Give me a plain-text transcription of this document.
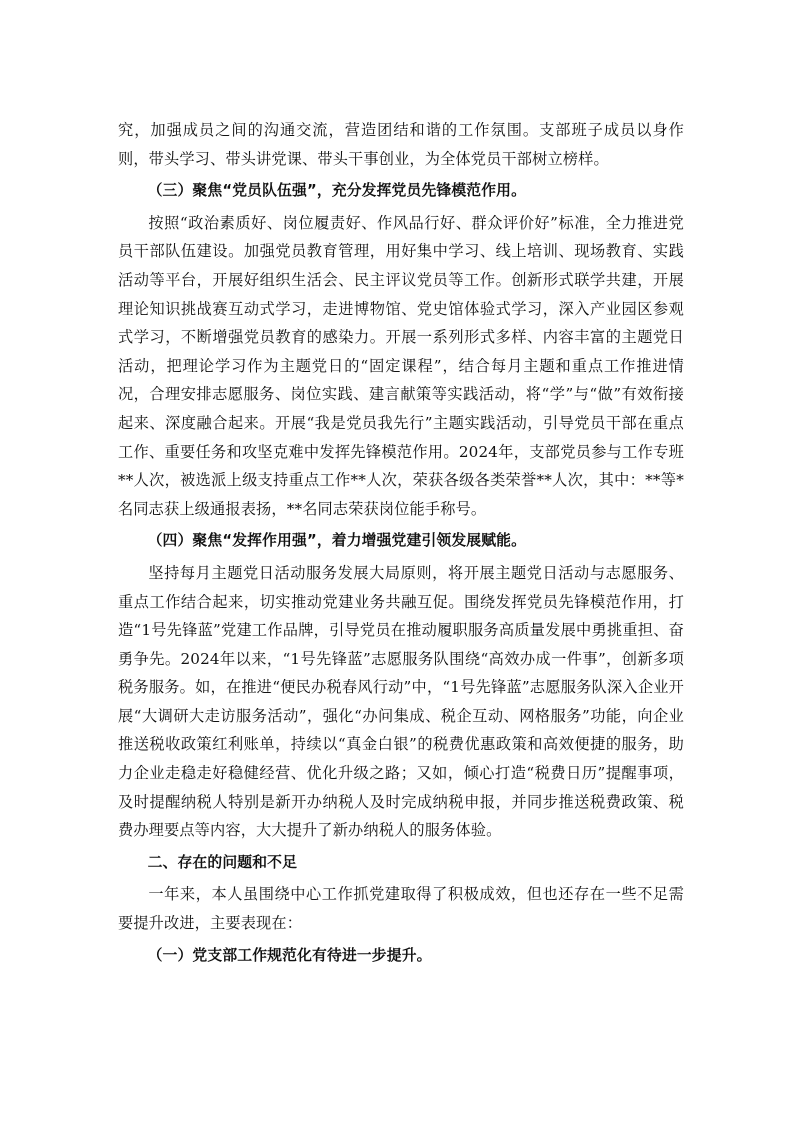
究，加强成员之间的沟通交流，营造团结和谐的工作氛围。支部班子成员以身作则，带头学习、带头讲党课、带头干事创业，为全体党员干部树立榜样。

（三）聚焦“党员队伍强”，充分发挥党员先锋模范作用。

按照“政治素质好、岗位履责好、作风品行好、群众评价好”标准，全力推进党员干部队伍建设。加强党员教育管理，用好集中学习、线上培训、现场教育、实践活动等平台，开展好组织生活会、民主评议党员等工作。创新形式联学共建，开展理论知识挑战赛互动式学习，走进博物馆、党史馆体验式学习，深入产业园区参观式学习，不断增强党员教育的感染力。开展一系列形式多样、内容丰富的主题党日活动，把理论学习作为主题党日的“固定课程”，结合每月主题和重点工作推进情况，合理安排志愿服务、岗位实践、建言献策等实践活动，将“学”与“做”有效衔接起来、深度融合起来。开展“我是党员我先行”主题实践活动，引导党员干部在重点工作、重要任务和攻坚克难中发挥先锋模范作用。2024年，支部党员参与工作专班**人次，被选派上级支持重点工作**人次，荣获各级各类荣誉**人次，其中：**等*名同志获上级通报表扬，**名同志荣获岗位能手称号。

（四）聚焦“发挥作用强”，着力增强党建引领发展赋能。

坚持每月主题党日活动服务发展大局原则，将开展主题党日活动与志愿服务、重点工作结合起来，切实推动党建业务共融互促。围绕发挥党员先锋模范作用，打造“1号先锋蓝”党建工作品牌，引导党员在推动履职服务高质量发展中勇挑重担、奋勇争先。2024年以来，“1号先锋蓝”志愿服务队围绕“高效办成一件事”，创新多项税务服务。如，在推进“便民办税春风行动”中，“1号先锋蓝”志愿服务队深入企业开展“大调研大走访服务活动”，强化“办问集成、税企互动、网格服务”功能，向企业推送税收政策红利账单，持续以“真金白银”的税费优惠政策和高效便捷的服务，助力企业走稳走好稳健经营、优化升级之路；又如，倾心打造“税费日历”提醒事项，及时提醒纳税人特别是新开办纳税人及时完成纳税申报，并同步推送税费政策、税费办理要点等内容，大大提升了新办纳税人的服务体验。

二、存在的问题和不足

一年来，本人虽围绕中心工作抓党建取得了积极成效，但也还存在一些不足需要提升改进，主要表现在：

（一）党支部工作规范化有待进一步提升。
